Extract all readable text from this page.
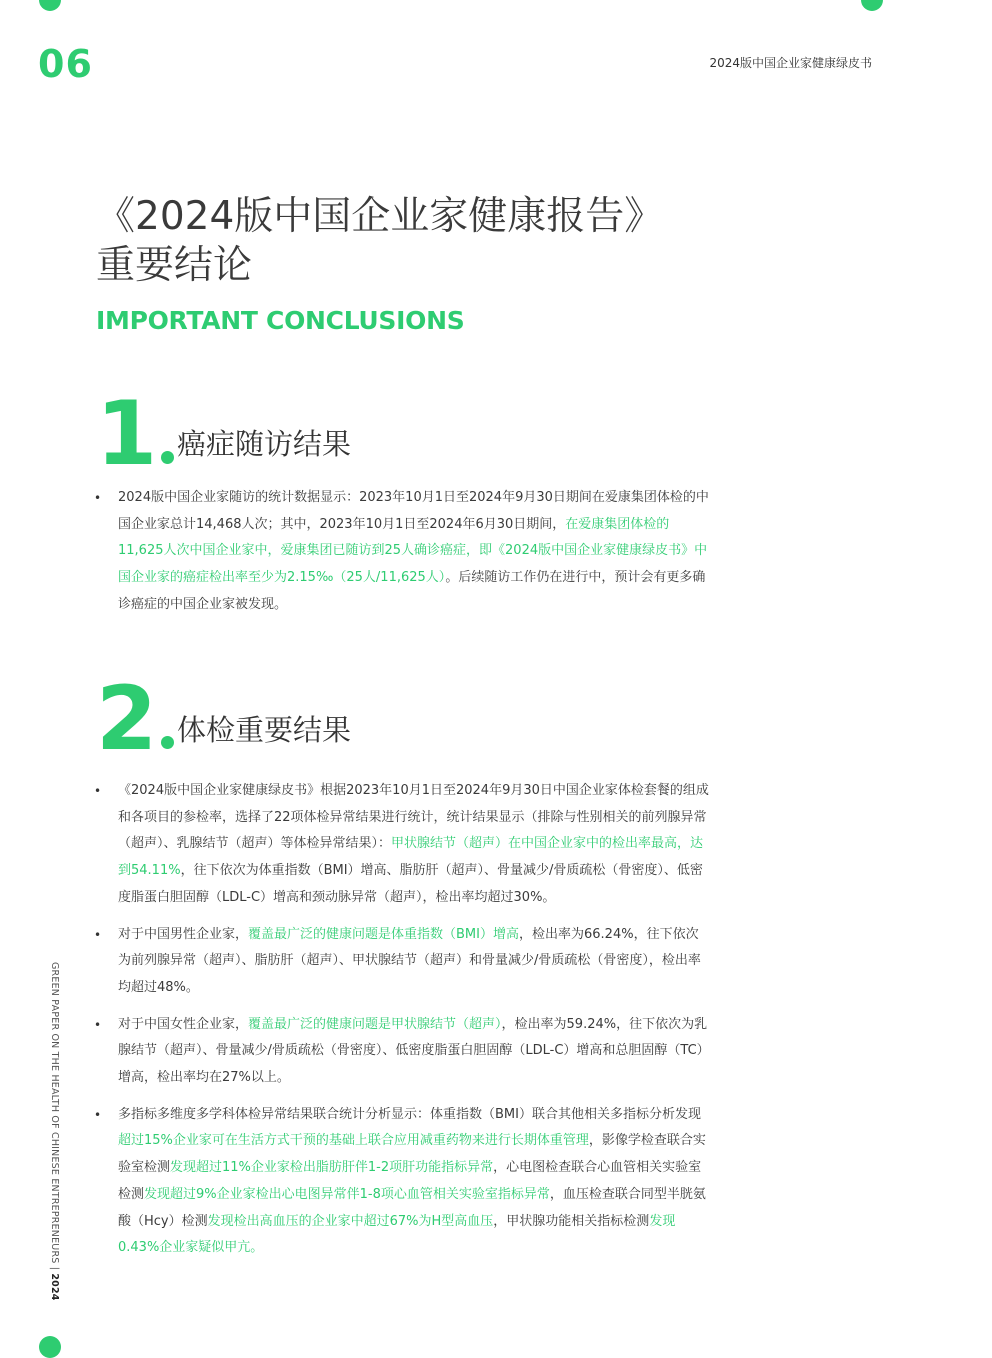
06	2024版中国企业家健康绿皮书
GREEN PAPER ON THE HEALTH OF CHINESE ENTREPRENEURS | 2024
《2024版中国企业家健康报告》
重要结论
IMPORTANT CONCLUSIONS
1 癌症随访结果
• 2024版中国企业家随访的统计数据显示：2023年10月1日至2024年9月30日期间在爱康集团体检的中国企业家总计14,468人次；其中，2023年10月1日至2024年6月30日期间，在爱康集团体检的11,625人次中国企业家中，爱康集团已随访到25人确诊癌症，即《2024版中国企业家健康绿皮书》中国企业家的癌症检出率至少为2.15‰（25人/11,625人）。后续随访工作仍在进行中，预计会有更多确诊癌症的中国企业家被发现。
2 体检重要结果
• 《2024版中国企业家健康绿皮书》根据2023年10月1日至2024年9月30日中国企业家体检套餐的组成和各项目的参检率，选择了22项体检异常结果进行统计，统计结果显示（排除与性别相关的前列腺异常（超声）、乳腺结节（超声）等体检异常结果）：甲状腺结节（超声）在中国企业家中的检出率最高，达到54.11%，往下依次为体重指数（BMI）增高、脂肪肝（超声）、骨量减少/骨质疏松（骨密度）、低密度脂蛋白胆固醇（LDL-C）增高和颈动脉异常（超声），检出率均超过30%。
• 对于中国男性企业家，覆盖最广泛的健康问题是体重指数（BMI）增高，检出率为66.24%，往下依次为前列腺异常（超声）、脂肪肝（超声）、甲状腺结节（超声）和骨量减少/骨质疏松（骨密度），检出率均超过48%。
• 对于中国女性企业家，覆盖最广泛的健康问题是甲状腺结节（超声），检出率为59.24%，往下依次为乳腺结节（超声）、骨量减少/骨质疏松（骨密度）、低密度脂蛋白胆固醇（LDL-C）增高和总胆固醇（TC）增高，检出率均在27%以上。
• 多指标多维度多学科体检异常结果联合统计分析显示：体重指数（BMI）联合其他相关多指标分析发现超过15%企业家可在生活方式干预的基础上联合应用减重药物来进行长期体重管理，影像学检查联合实验室检测发现超过11%企业家检出脂肪肝伴1-2项肝功能指标异常，心电图检查联合心血管相关实验室检测发现超过9%企业家检出心电图异常伴1-8项心血管相关实验室指标异常，血压检查联合同型半胱氨酸（Hcy）检测发现检出高血压的企业家中超过67%为H型高血压，甲状腺功能相关指标检测发现0.43%企业家疑似甲亢。
